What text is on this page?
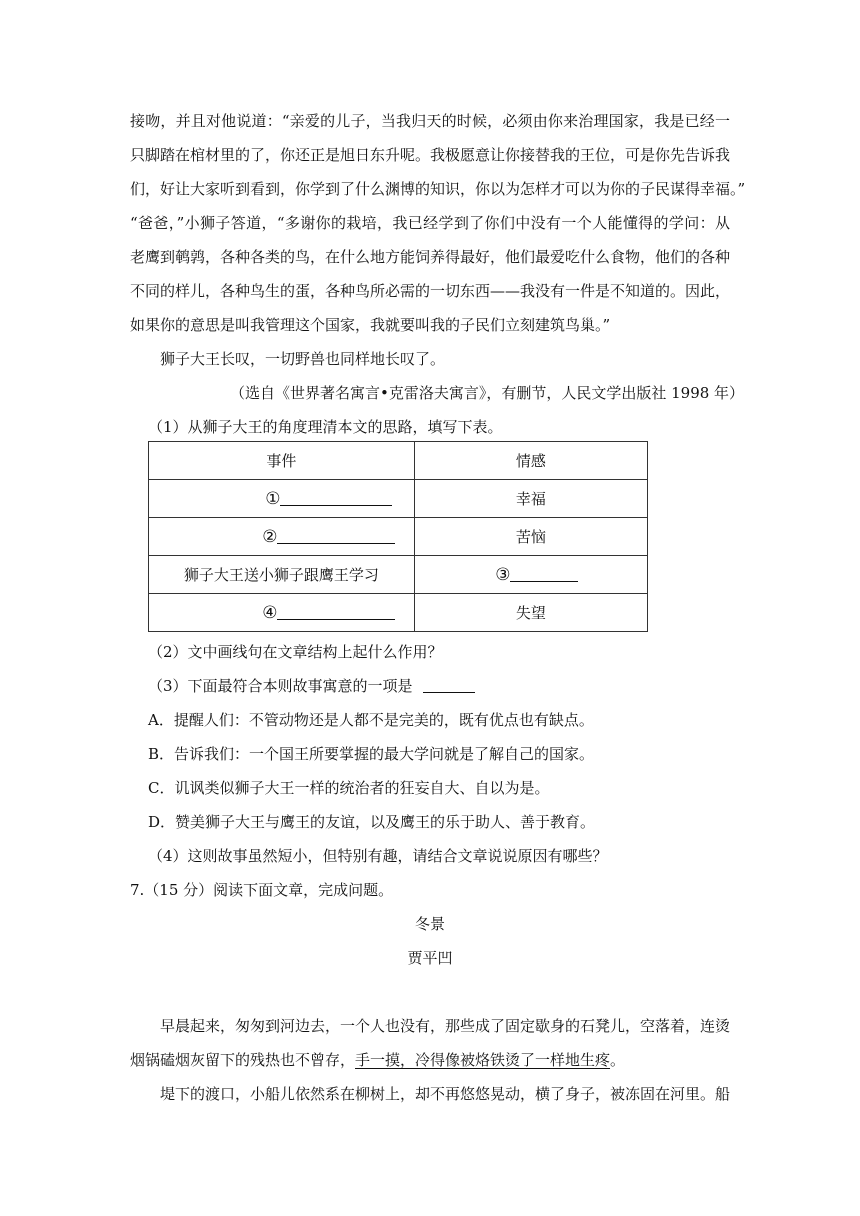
接吻，并且对他说道：“亲爱的儿子，当我归天的时候，必须由你来治理国家，我是已经一
只脚踏在棺材里的了，你还正是旭日东升呢。我极愿意让你接替我的王位，可是你先告诉我
们，好让大家听到看到，你学到了什么渊博的知识，你以为怎样才可以为你的子民谋得幸福。”
“爸爸，”小狮子答道，“多谢你的栽培，我已经学到了你们中没有一个人能懂得的学问：从
老鹰到鹌鹑，各种各类的鸟，在什么地方能饲养得最好，他们最爱吃什么食物，他们的各种
不同的样儿，各种鸟生的蛋，各种鸟所必需的一切东西——我没有一件是不知道的。因此，
如果你的意思是叫我管理这个国家，我就要叫我的子民们立刻建筑鸟巢。”
狮子大王长叹，一切野兽也同样地长叹了。
（选自《世界著名寓言•克雷洛夫寓言》，有删节，人民文学出版社 1998 年）
（1）从狮子大王的角度理清本文的思路，填写下表。
事件	情感
①	幸福
②	苦恼
狮子大王送小狮子跟鹰王学习	③
④	失望
（2）文中画线句在文章结构上起什么作用？
（3）下面最符合本则故事寓意的一项是
A．提醒人们：不管动物还是人都不是完美的，既有优点也有缺点。
B．告诉我们：一个国王所要掌握的最大学问就是了解自己的国家。
C．讥讽类似狮子大王一样的统治者的狂妄自大、自以为是。
D．赞美狮子大王与鹰王的友谊，以及鹰王的乐于助人、善于教育。
（4）这则故事虽然短小，但特别有趣，请结合文章说说原因有哪些？
7.（15 分）阅读下面文章，完成问题。
冬景
贾平凹
早晨起来，匆匆到河边去，一个人也没有，那些成了固定歇身的石凳儿，空落着，连烫
烟锅磕烟灰留下的残热也不曾存，手一摸，冷得像被烙铁烫了一样地生疼。
堤下的渡口，小船儿依然系在柳树上，却不再悠悠晃动，横了身子，被冻固在河里。船
